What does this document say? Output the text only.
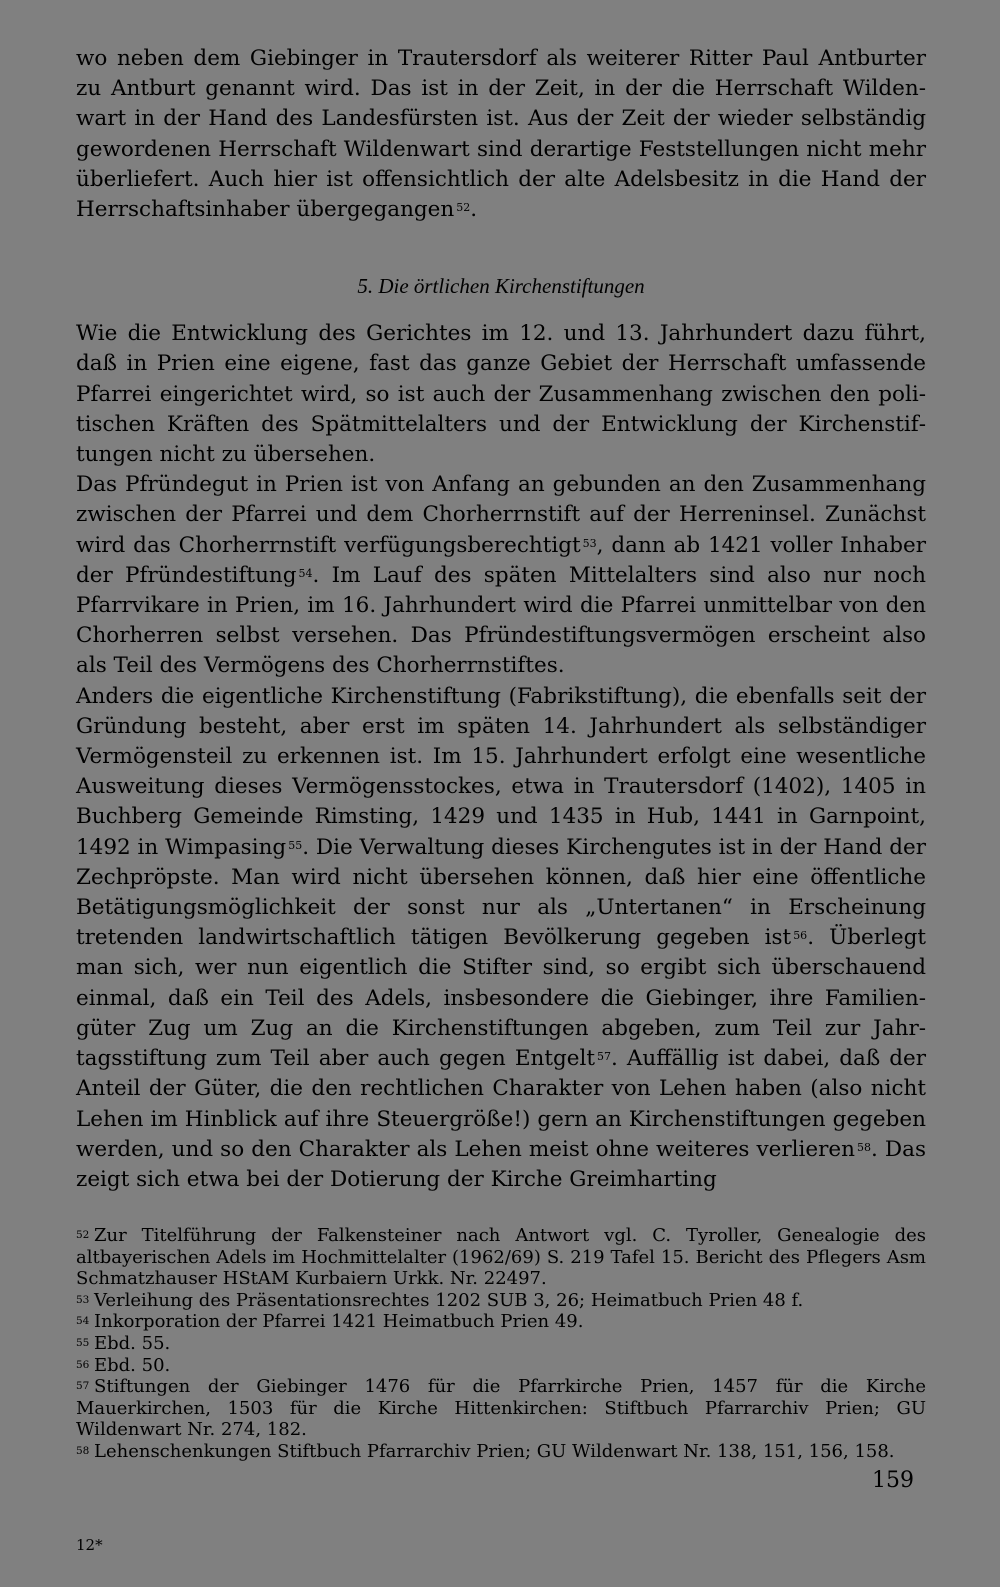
wo neben dem Giebinger in Trautersdorf als weiterer Ritter Paul Antburter zu Antburt genannt wird. Das ist in der Zeit, in der die Herrschaft Wildenwart in der Hand des Landesfürsten ist. Aus der Zeit der wieder selbständig gewordenen Herrschaft Wildenwart sind derartige Feststellungen nicht mehr überliefert. Auch hier ist offensichtlich der alte Adelsbesitz in die Hand der Herrschaftsinhaber übergegangen $^{52}$.

5. Die örtlichen Kirchenstiftungen

Wie die Entwicklung des Gerichtes im 12. und 13. Jahrhundert dazu führt, daß in Prien eine eigene, fast das ganze Gebiet der Herrschaft umfassende Pfarrei eingerichtet wird, so ist auch der Zusammenhang zwischen den politischen Kräften des Spätmittelalters und der Entwicklung der Kirchenstiftungen nicht zu übersehen.

Das Pfründegut in Prien ist von Anfang an gebunden an den Zusammenhang zwischen der Pfarrei und dem Chorherrnstift auf der Herreninsel. Zunächst wird das Chorherrnstift verfügungsberechtigt $^{53}$, dann ab 1421 voller Inhaber der Pfründestiftung $^{54}$. Im Lauf des späten Mittelalters sind also nur noch Pfarrvikare in Prien, im 16. Jahrhundert wird die Pfarrei unmittelbar von den Chorherren selbst versehen. Das Pfründestiftungsvermögen erscheint also als Teil des Vermögens des Chorherrnstiftes.

Anders die eigentliche Kirchenstiftung (Fabrikstiftung), die ebenfalls seit der Gründung besteht, aber erst im späten 14. Jahrhundert als selbständiger Vermögensteil zu erkennen ist. Im 15. Jahrhundert erfolgt eine wesentliche Ausweitung dieses Vermögensstockes, etwa in Trautersdorf (1402), 1405 in Buchberg Gemeinde Rimsting, 1429 und 1435 in Hub, 1441 in Garnpoint, 1492 in Wimpasing $^{55}$. Die Verwaltung dieses Kirchengutes ist in der Hand der Zechpröpste. Man wird nicht übersehen können, daß hier eine öffentliche Betätigungsmöglichkeit der sonst nur als „Untertanen“ in Erscheinung tretenden landwirtschaftlich tätigen Bevölkerung gegeben ist $^{56}$. Überlegt man sich, wer nun eigentlich die Stifter sind, so ergibt sich überschauend einmal, daß ein Teil des Adels, insbesondere die Giebinger, ihre Familiengüter Zug um Zug an die Kirchenstiftungen abgeben, zum Teil zur Jahrtagsstiftung zum Teil aber auch gegen Entgelt $^{57}$. Auffällig ist dabei, daß der Anteil der Güter, die den rechtlichen Charakter von Lehen haben (also nicht Lehen im Hinblick auf ihre Steuergröße!) gern an Kirchenstiftungen gegeben werden, und so den Charakter als Lehen meist ohne weiteres verlieren $^{58}$. Das zeigt sich etwa bei der Dotierung der Kirche Greimharting

52 Zur Titelführung der Falkensteiner nach Antwort vgl. C. Tyroller, Genealogie des altbayerischen Adels im Hochmittelalter (1962/69) S. 219 Tafel 15. Bericht des Pflegers Asm Schmatzhauser HStAM Kurbaiern Urkk. Nr. 22497.
53 Verleihung des Präsentationsrechtes 1202 SUB 3, 26; Heimatbuch Prien 48 f.
54 Inkorporation der Pfarrei 1421 Heimatbuch Prien 49.
55 Ebd. 55.
56 Ebd. 50.
57 Stiftungen der Giebinger 1476 für die Pfarrkirche Prien, 1457 für die Kirche Mauerkirchen, 1503 für die Kirche Hittenkirchen: Stiftbuch Pfarrarchiv Prien; GU Wildenwart Nr. 274, 182.
58 Lehenschenkungen Stiftbuch Pfarrarchiv Prien; GU Wildenwart Nr. 138, 151, 156, 158.
159
12*
